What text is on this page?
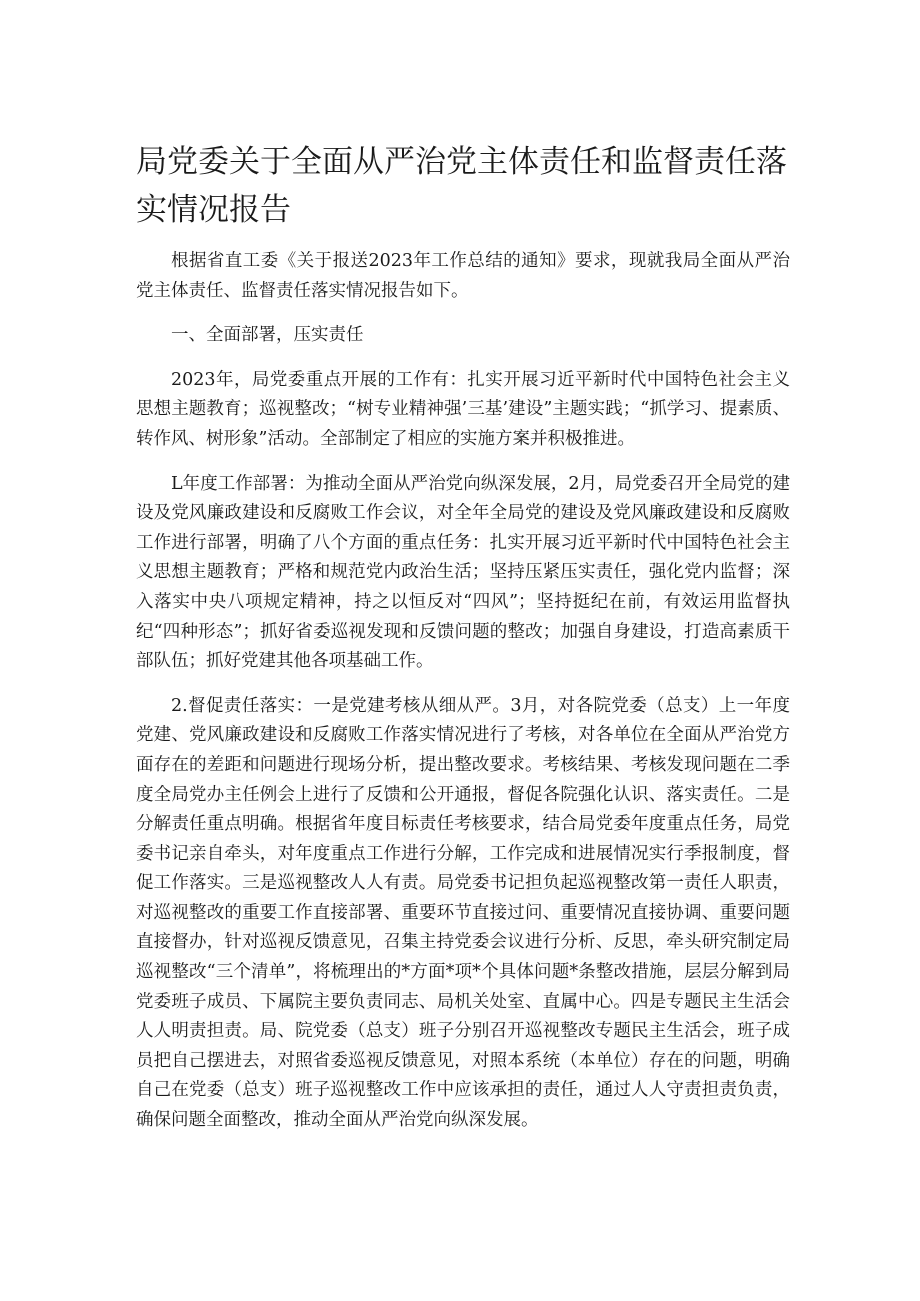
局党委关于全面从严治党主体责任和监督责任落实情况报告

根据省直工委《关于报送2023年工作总结的通知》要求，现就我局全面从严治党主体责任、监督责任落实情况报告如下。

一、全面部署，压实责任

2023年，局党委重点开展的工作有：扎实开展习近平新时代中国特色社会主义思想主题教育；巡视整改；“树专业精神强’三基’建设”主题实践；“抓学习、提素质、转作风、树形象”活动。全部制定了相应的实施方案并积极推进。

L年度工作部署：为推动全面从严治党向纵深发展，2月，局党委召开全局党的建设及党风廉政建设和反腐败工作会议，对全年全局党的建设及党风廉政建设和反腐败工作进行部署，明确了八个方面的重点任务：扎实开展习近平新时代中国特色社会主义思想主题教育；严格和规范党内政治生活；坚持压紧压实责任，强化党内监督；深入落实中央八项规定精神，持之以恒反对“四风”；坚持挺纪在前，有效运用监督执纪“四种形态”；抓好省委巡视发现和反馈问题的整改；加强自身建设，打造高素质干部队伍；抓好党建其他各项基础工作。

2.督促责任落实：一是党建考核从细从严。3月，对各院党委（总支）上一年度党建、党风廉政建设和反腐败工作落实情况进行了考核，对各单位在全面从严治党方面存在的差距和问题进行现场分析，提出整改要求。考核结果、考核发现问题在二季度全局党办主任例会上进行了反馈和公开通报，督促各院强化认识、落实责任。二是分解责任重点明确。根据省年度目标责任考核要求，结合局党委年度重点任务，局党委书记亲自牵头，对年度重点工作进行分解，工作完成和进展情况实行季报制度，督促工作落实。三是巡视整改人人有责。局党委书记担负起巡视整改第一责任人职责，对巡视整改的重要工作直接部署、重要环节直接过问、重要情况直接协调、重要问题直接督办，针对巡视反馈意见，召集主持党委会议进行分析、反思，牵头研究制定局巡视整改“三个清单”，将梳理出的*方面*项*个具体问题*条整改措施，层层分解到局党委班子成员、下属院主要负责同志、局机关处室、直属中心。四是专题民主生活会人人明责担责。局、院党委（总支）班子分别召开巡视整改专题民主生活会，班子成员把自己摆进去，对照省委巡视反馈意见，对照本系统（本单位）存在的问题，明确自己在党委（总支）班子巡视整改工作中应该承担的责任，通过人人守责担责负责，确保问题全面整改，推动全面从严治党向纵深发展。
